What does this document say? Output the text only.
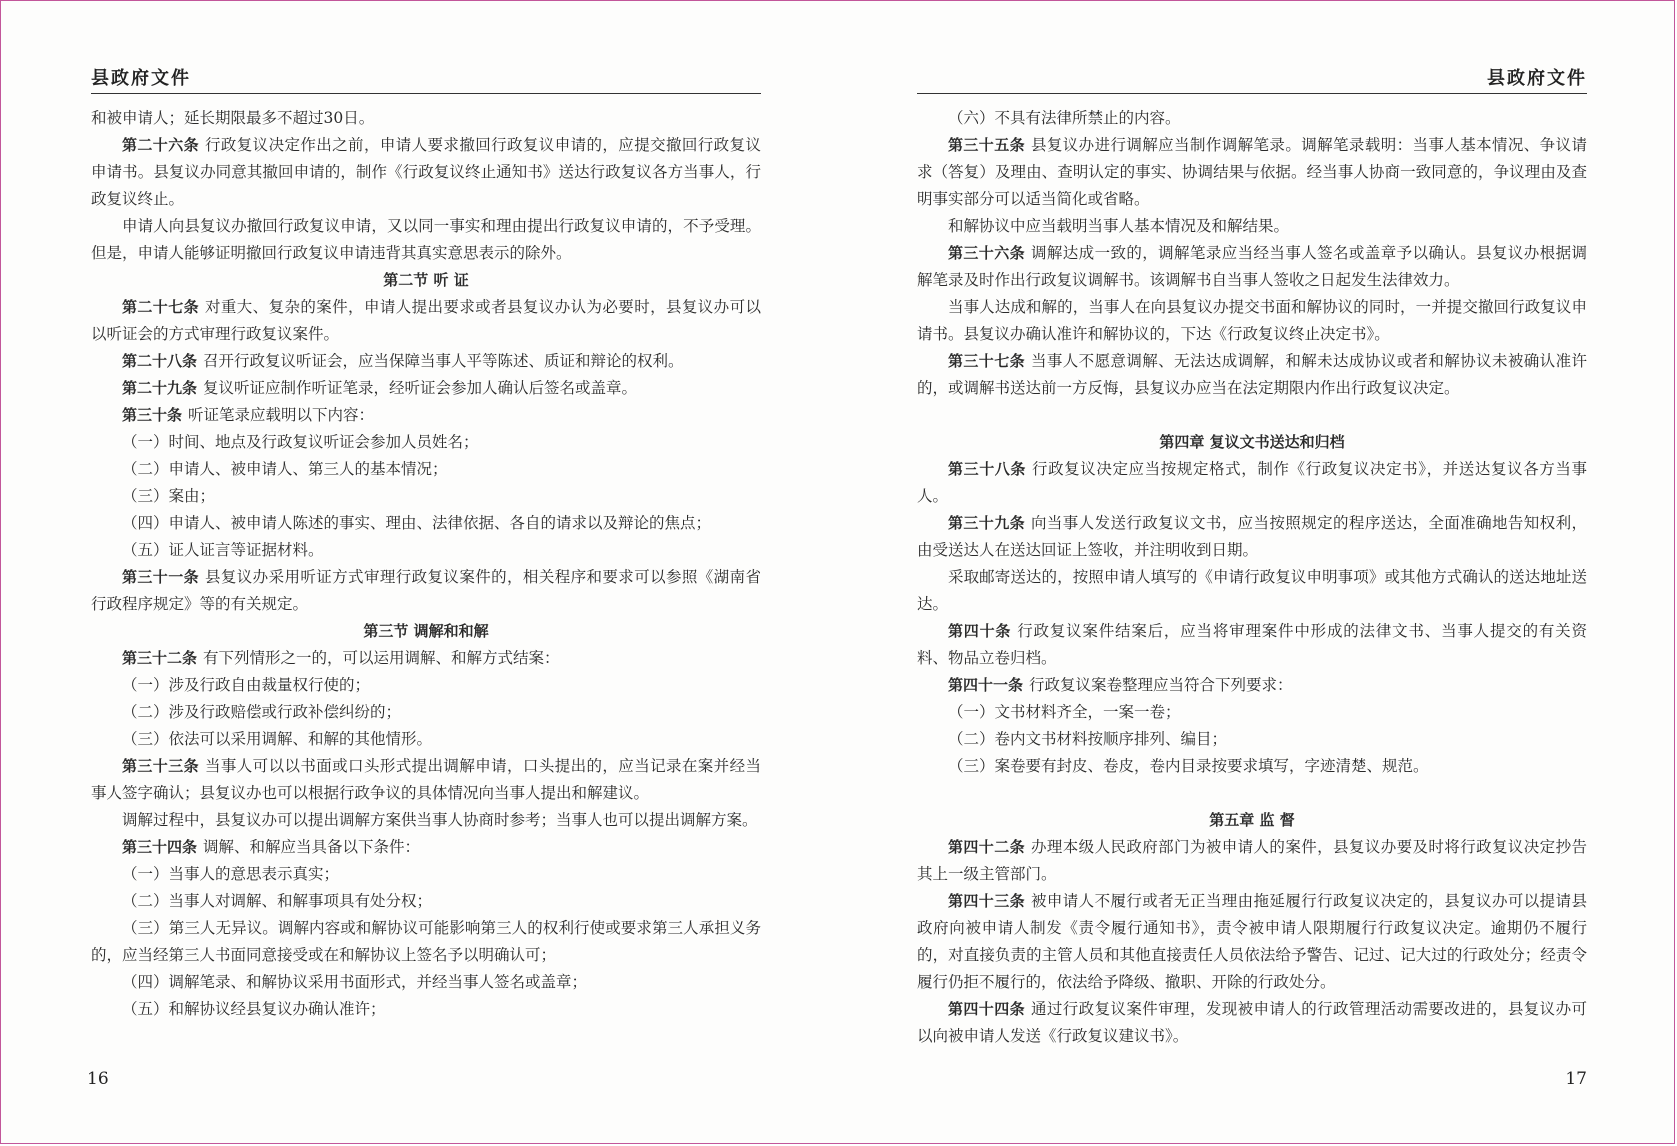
县政府文件

和被申请人；延长期限最多不超过30日。

第二十六条 行政复议决定作出之前，申请人要求撤回行政复议申请的，应提交撤回行政复议申请书。县复议办同意其撤回申请的，制作《行政复议终止通知书》送达行政复议各方当事人，行政复议终止。

申请人向县复议办撤回行政复议申请，又以同一事实和理由提出行政复议申请的，不予受理。但是，申请人能够证明撤回行政复议申请违背其真实意思表示的除外。

第二节 听 证

第二十七条 对重大、复杂的案件，申请人提出要求或者县复议办认为必要时，县复议办可以以听证会的方式审理行政复议案件。

第二十八条 召开行政复议听证会，应当保障当事人平等陈述、质证和辩论的权利。

第二十九条 复议听证应制作听证笔录，经听证会参加人确认后签名或盖章。

第三十条 听证笔录应载明以下内容：

（一）时间、地点及行政复议听证会参加人员姓名；

（二）申请人、被申请人、第三人的基本情况；

（三）案由；

（四）申请人、被申请人陈述的事实、理由、法律依据、各自的请求以及辩论的焦点；

（五）证人证言等证据材料。

第三十一条 县复议办采用听证方式审理行政复议案件的，相关程序和要求可以参照《湖南省行政程序规定》等的有关规定。

第三节 调解和和解

第三十二条 有下列情形之一的，可以运用调解、和解方式结案：

（一）涉及行政自由裁量权行使的；

（二）涉及行政赔偿或行政补偿纠纷的；

（三）依法可以采用调解、和解的其他情形。

第三十三条 当事人可以以书面或口头形式提出调解申请，口头提出的，应当记录在案并经当事人签字确认；县复议办也可以根据行政争议的具体情况向当事人提出和解建议。

调解过程中，县复议办可以提出调解方案供当事人协商时参考；当事人也可以提出调解方案。

第三十四条 调解、和解应当具备以下条件：

（一）当事人的意思表示真实；

（二）当事人对调解、和解事项具有处分权；

（三）第三人无异议。调解内容或和解协议可能影响第三人的权利行使或要求第三人承担义务的，应当经第三人书面同意接受或在和解协议上签名予以明确认可；

（四）调解笔录、和解协议采用书面形式，并经当事人签名或盖章；

（五）和解协议经县复议办确认准许；

16
县政府文件

（六）不具有法律所禁止的内容。

第三十五条 县复议办进行调解应当制作调解笔录。调解笔录载明：当事人基本情况、争议请求（答复）及理由、查明认定的事实、协调结果与依据。经当事人协商一致同意的，争议理由及查明事实部分可以适当简化或省略。

和解协议中应当载明当事人基本情况及和解结果。

第三十六条 调解达成一致的，调解笔录应当经当事人签名或盖章予以确认。县复议办根据调解笔录及时作出行政复议调解书。该调解书自当事人签收之日起发生法律效力。

当事人达成和解的，当事人在向县复议办提交书面和解协议的同时，一并提交撤回行政复议申请书。县复议办确认准许和解协议的，下达《行政复议终止决定书》。

第三十七条 当事人不愿意调解、无法达成调解，和解未达成协议或者和解协议未被确认准许的，或调解书送达前一方反悔，县复议办应当在法定期限内作出行政复议决定。

第四章 复议文书送达和归档

第三十八条 行政复议决定应当按规定格式，制作《行政复议决定书》，并送达复议各方当事人。

第三十九条 向当事人发送行政复议文书，应当按照规定的程序送达，全面准确地告知权利，由受送达人在送达回证上签收，并注明收到日期。

采取邮寄送达的，按照申请人填写的《申请行政复议申明事项》或其他方式确认的送达地址送达。

第四十条 行政复议案件结案后，应当将审理案件中形成的法律文书、当事人提交的有关资料、物品立卷归档。

第四十一条 行政复议案卷整理应当符合下列要求：

（一）文书材料齐全，一案一卷；

（二）卷内文书材料按顺序排列、编目；

（三）案卷要有封皮、卷皮，卷内目录按要求填写，字迹清楚、规范。

第五章 监 督

第四十二条 办理本级人民政府部门为被申请人的案件，县复议办要及时将行政复议决定抄告其上一级主管部门。

第四十三条 被申请人不履行或者无正当理由拖延履行行政复议决定的，县复议办可以提请县政府向被申请人制发《责令履行通知书》，责令被申请人限期履行行政复议决定。逾期仍不履行的，对直接负责的主管人员和其他直接责任人员依法给予警告、记过、记大过的行政处分；经责令履行仍拒不履行的，依法给予降级、撤职、开除的行政处分。

第四十四条 通过行政复议案件审理，发现被申请人的行政管理活动需要改进的，县复议办可以向被申请人发送《行政复议建议书》。

17
